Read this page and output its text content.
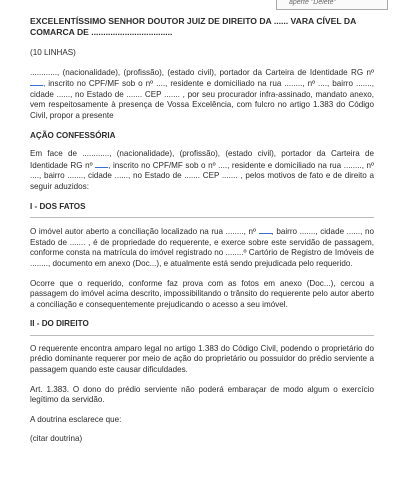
aperte "Delete"
EXCELENTÍSSIMO SENHOR DOUTOR JUIZ DE DIREITO DA ...... VARA CÍVEL DA COMARCA DE ..................................

(10 LINHAS)

............, (nacionalidade), (profissão), (estado civil), portador da Carteira de Identidade RG nº , inscrito no CPF/MF sob o nº ...., residente e domiciliado na rua ........, nº ...., bairro ......., cidade ......, no Estado de ....... CEP ....... , por seu procurador infra-assinado, mandato anexo, vem respeitosamente à presença de Vossa Excelência, com fulcro no artigo 1.383 do Código Civil, propor a presente

AÇÃO CONFESSÓRIA

Em face de ............, (nacionalidade), (profissão), (estado civil), portador da Carteira de Identidade RG nº , inscrito no CPF/MF sob o nº ...., residente e domiciliado na rua ........, nº ...., bairro ......., cidade ......, no Estado de ....... CEP ....... , pelos motivos de fato e de direito a seguir aduzidos:

I - DOS FATOS

O imóvel autor aberto a conciliação localizado na rua ........, nº , bairro ......., cidade ......, no Estado de ....... , é de propriedade do requerente, e exerce sobre este servidão de passagem, conforme consta na matrícula do imóvel registrado no ........º Cartório de Registro de Imóveis de ........, documento em anexo (Doc...), e atualmente está sendo prejudicada pelo requerido.

Ocorre que o requerido, conforme faz prova com as fotos em anexo (Doc...), cercou a passagem do imóvel acima descrito, impossibilitando o trânsito do requerente pelo autor aberto a conciliação e consequentemente prejudicando o acesso a seu imóvel.

II - DO DIREITO

O requerente encontra amparo legal no artigo 1.383 do Código Civil, podendo o proprietário do prédio dominante requerer por meio de ação do proprietário ou possuidor do prédio serviente a passagem quando este causar dificuldades.

Art. 1.383. O dono do prédio serviente não poderá embaraçar de modo algum o exercício legítimo da servidão.

A doutrina esclarece que:

(citar doutrina)
